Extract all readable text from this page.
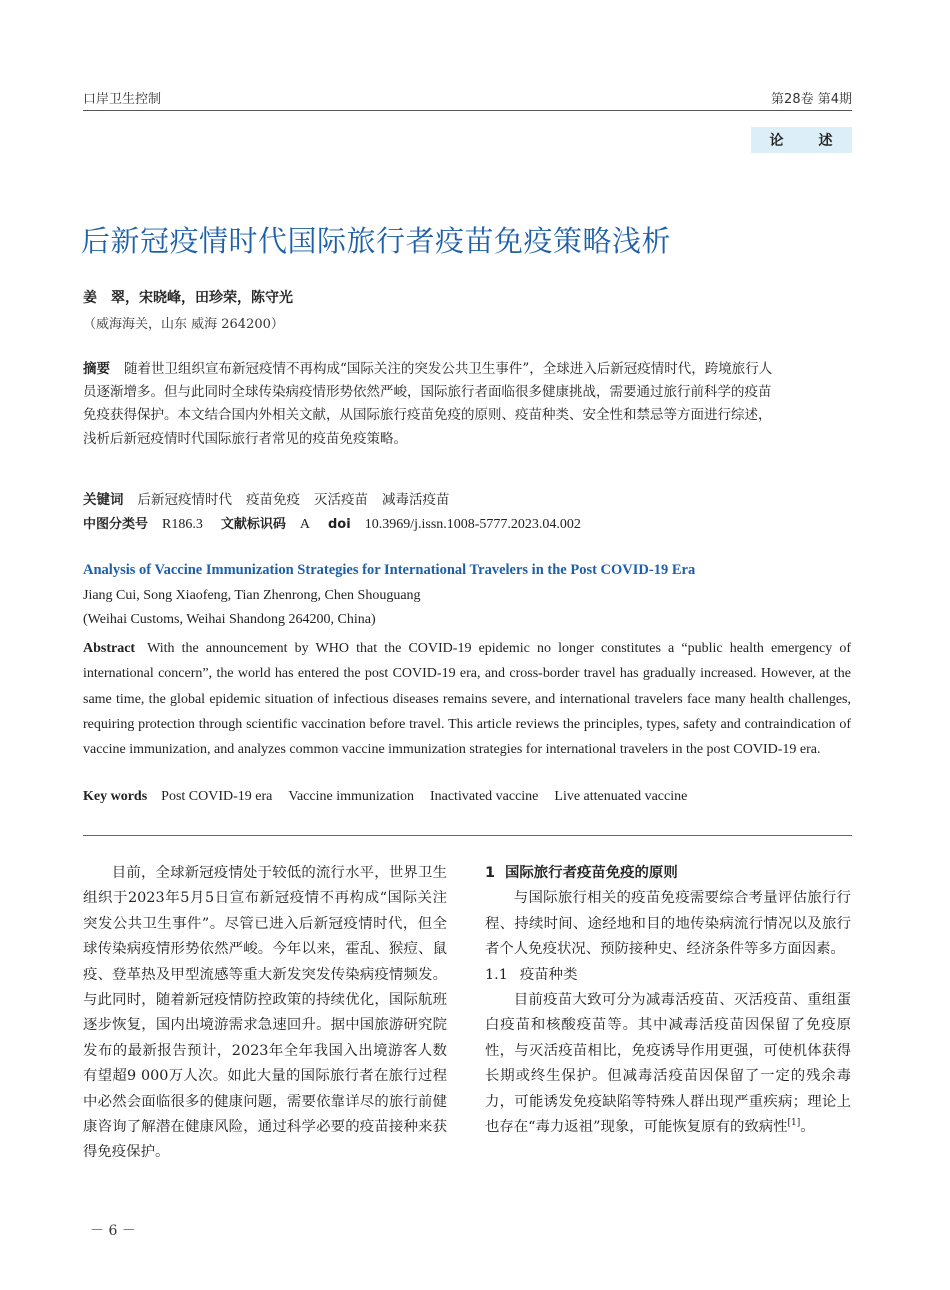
口岸卫生控制	第28卷 第4期
论 述
后新冠疫情时代国际旅行者疫苗免疫策略浅析
姜　翠，宋晓峰，田珍荣，陈守光
（威海海关，山东 威海 264200）
摘要 随着世卫组织宣布新冠疫情不再构成“国际关注的突发公共卫生事件”，全球进入后新冠疫情时代，跨境旅行人员逐渐增多。但与此同时全球传染病疫情形势依然严峻，国际旅行者面临很多健康挑战，需要通过旅行前科学的疫苗免疫获得保护。本文结合国内外相关文献，从国际旅行疫苗免疫的原则、疫苗种类、安全性和禁忌等方面进行综述，浅析后新冠疫情时代国际旅行者常见的疫苗免疫策略。
关键词 后新冠疫情时代 疫苗免疫 灭活疫苗 减毒活疫苗
中图分类号 R186.3 文献标识码 A doi 10.3969/j.issn.1008-5777.2023.04.002
Analysis of Vaccine Immunization Strategies for International Travelers in the Post COVID-19 Era
Jiang Cui, Song Xiaofeng, Tian Zhenrong, Chen Shouguang
(Weihai Customs, Weihai Shandong 264200, China)
Abstract With the announcement by WHO that the COVID-19 epidemic no longer constitutes a “public health emergency of international concern”, the world has entered the post COVID-19 era, and cross-border travel has gradually increased. However, at the same time, the global epidemic situation of infectious diseases remains severe, and international travelers face many health challenges, requiring protection through scientific vaccination before travel. This article reviews the principles, types, safety and contraindication of vaccine immunization, and analyzes common vaccine immunization strategies for international travelers in the post COVID-19 era.
Key words Post COVID-19 era Vaccine immunization Inactivated vaccine Live attenuated vaccine

目前，全球新冠疫情处于较低的流行水平，世界卫生组织于2023年5月5日宣布新冠疫情不再构成“国际关注突发公共卫生事件”。尽管已进入后新冠疫情时代，但全球传染病疫情形势依然严峻。今年以来，霍乱、猴痘、鼠疫、登革热及甲型流感等重大新发突发传染病疫情频发。与此同时，随着新冠疫情防控政策的持续优化，国际航班逐步恢复，国内出境游需求急速回升。据中国旅游研究院发布的最新报告预计，2023年全年我国入出境游客人数有望超9 000万人次。如此大量的国际旅行者在旅行过程中必然会面临很多的健康问题，需要依靠详尽的旅行前健康咨询了解潜在健康风险，通过科学必要的疫苗接种来获得免疫保护。

1 国际旅行者疫苗免疫的原则

与国际旅行相关的疫苗免疫需要综合考量评估旅行行程、持续时间、途经地和目的地传染病流行情况以及旅行者个人免疫状况、预防接种史、经济条件等多方面因素。

1.1 疫苗种类

目前疫苗大致可分为减毒活疫苗、灭活疫苗、重组蛋白疫苗和核酸疫苗等。其中减毒活疫苗因保留了免疫原性，与灭活疫苗相比，免疫诱导作用更强，可使机体获得长期或终生保护。但减毒活疫苗因保留了一定的残余毒力，可能诱发免疫缺陷等特殊人群出现严重疾病；理论上也存在“毒力返祖”现象，可能恢复原有的致病性[1]。

－ 6 －
